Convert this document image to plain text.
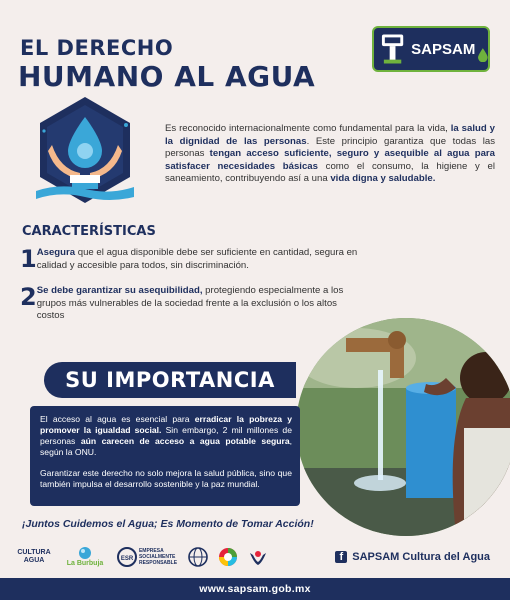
EL DERECHO
HUMANO AL AGUA
SAPSAM
Es reconocido internacionalmente como fundamental para la vida, la salud y la dignidad de las personas. Este principio garantiza que todas las personas tengan acceso suficiente, seguro y asequible al agua para satisfacer necesidades básicas como el consumo, la higiene y el saneamiento, contribuyendo así a una vida digna y saludable.
CARACTERÍSTICAS
1 Asegura que el agua disponible debe ser suficiente en cantidad, segura en calidad y accesible para todos, sin discriminación.
2 Se debe garantizar su asequibilidad, protegiendo especialmente a los grupos más vulnerables de la sociedad frente a la exclusión o los altos costos
SU IMPORTANCIA

El acceso al agua es esencial para erradicar la pobreza y promover la igualdad social. Sin embargo, 2 mil millones de personas aún carecen de acceso a agua potable segura, según la ONU.

Garantizar este derecho no solo mejora la salud pública, sino que también impulsa el desarrollo sostenible y la paz mundial.

¡Juntos Cuidemos el Agua; Es Momento de Tomar Acción!
CULTURA AGUA	La Burbuja
ESR
EMPRESA
SOCIALMENTE
RESPONSABLE	f SAPSAM Cultura del Agua
www.sapsam.gob.mx
